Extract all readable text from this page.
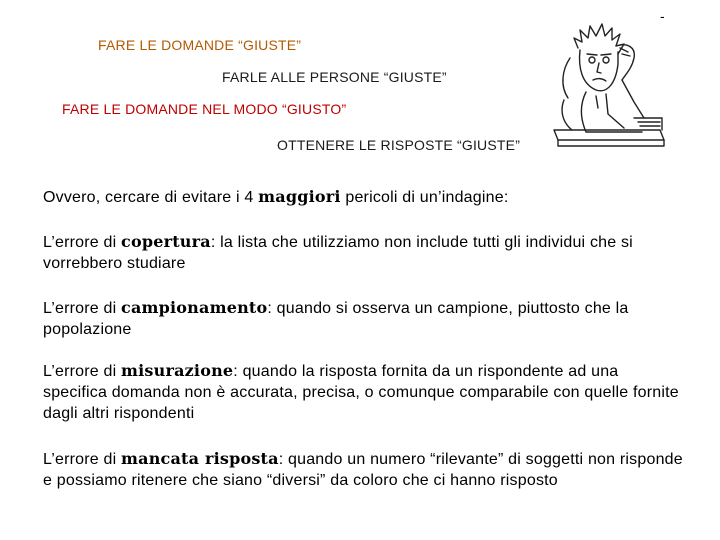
-
FARE LE DOMANDE “GIUSTE”
FARLE ALLE PERSONE “GIUSTE”
FARE LE DOMANDE NEL MODO “GIUSTO”
OTTENERE LE RISPOSTE “GIUSTE”
Ovvero, cercare di evitare i 4 maggiori pericoli di un’indagine:
L’errore di copertura: la lista che utilizziamo non include tutti gli individui che si vorrebbero studiare
L’errore di campionamento: quando si osserva un campione, piuttosto che la popolazione
L’errore di misurazione: quando la risposta fornita da un rispondente ad una specifica domanda non è accurata, precisa, o comunque comparabile con quelle fornite dagli altri rispondenti
L’errore di mancata risposta: quando un numero “rilevante” di soggetti non risponde e possiamo ritenere che siano “diversi” da coloro che ci hanno risposto
